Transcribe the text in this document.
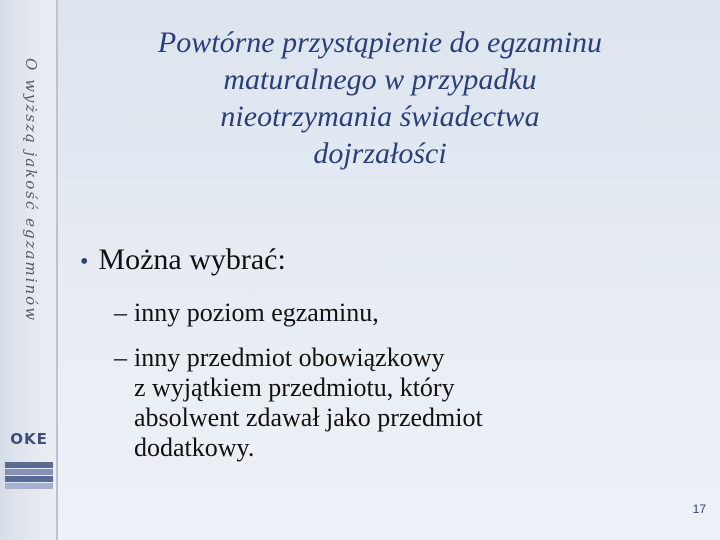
O wyższą jakość egzaminów
OKE
Powtórne przystąpienie do egzaminu
maturalnego w przypadku
nieotrzymania świadectwa
dojrzałości
• Można wybrać:
– inny poziom egzaminu,
– inny przedmiot obowiązkowy
z wyjątkiem przedmiotu, który
absolwent zdawał jako przedmiot
dodatkowy.
17
